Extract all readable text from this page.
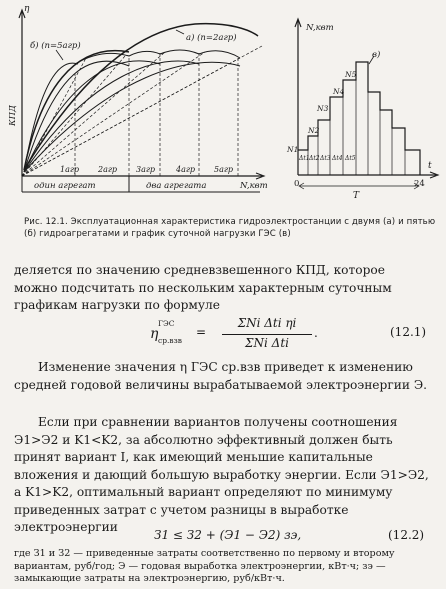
η
КПД
а) (n=2агр)
б) (n=5агр)
1агр 2агр 3агр	4агр 5агр
один агрегат	два агрегата	N,квт
N,квт
в)
N1
N2
N3
N4
N5
Δt1 Δt2 Δt3 Δt4 Δt5
t
0	24
T
Рис. 12.1. Эксплуатационная характеристика гидроэлектростанции с двумя (а) и пятью (б) гидроагрегатами и график суточной нагрузки ГЭС (в)
деляется по значению средневзвешенного КПД, которое можно подсчитать по нескольким характерным суточным графикам нагрузки по формуле
η
ГЭС
ср.взв
=
ΣNi Δti ηi
ΣNi Δti
.	(12.1)
Изменение значения η ГЭС ср.взв приведет к изменению средней годовой величины вырабатываемой электроэнергии Э.
Если при сравнении вариантов получены соотношения Э1>Э2 и K1<K2, за абсолютно эффективный должен быть принят вариант I, как имеющий меньшие капитальные вложения и дающий большую выработку энергии. Если Э1>Э2, а K1>K2, оптимальный вариант определяют по минимуму приведенных затрат с учетом разницы в выработке электроэнергии
З1 ≤ З2 + (Э1 − Э2) зэ,	(12.2)
где З1 и З2 — приведенные затраты соответственно по первому и второму вариантам, руб/год; Э — годовая выработка электроэнергии, кВт·ч; зэ — замыкающие затраты на электроэнергию, руб/кВт·ч.
